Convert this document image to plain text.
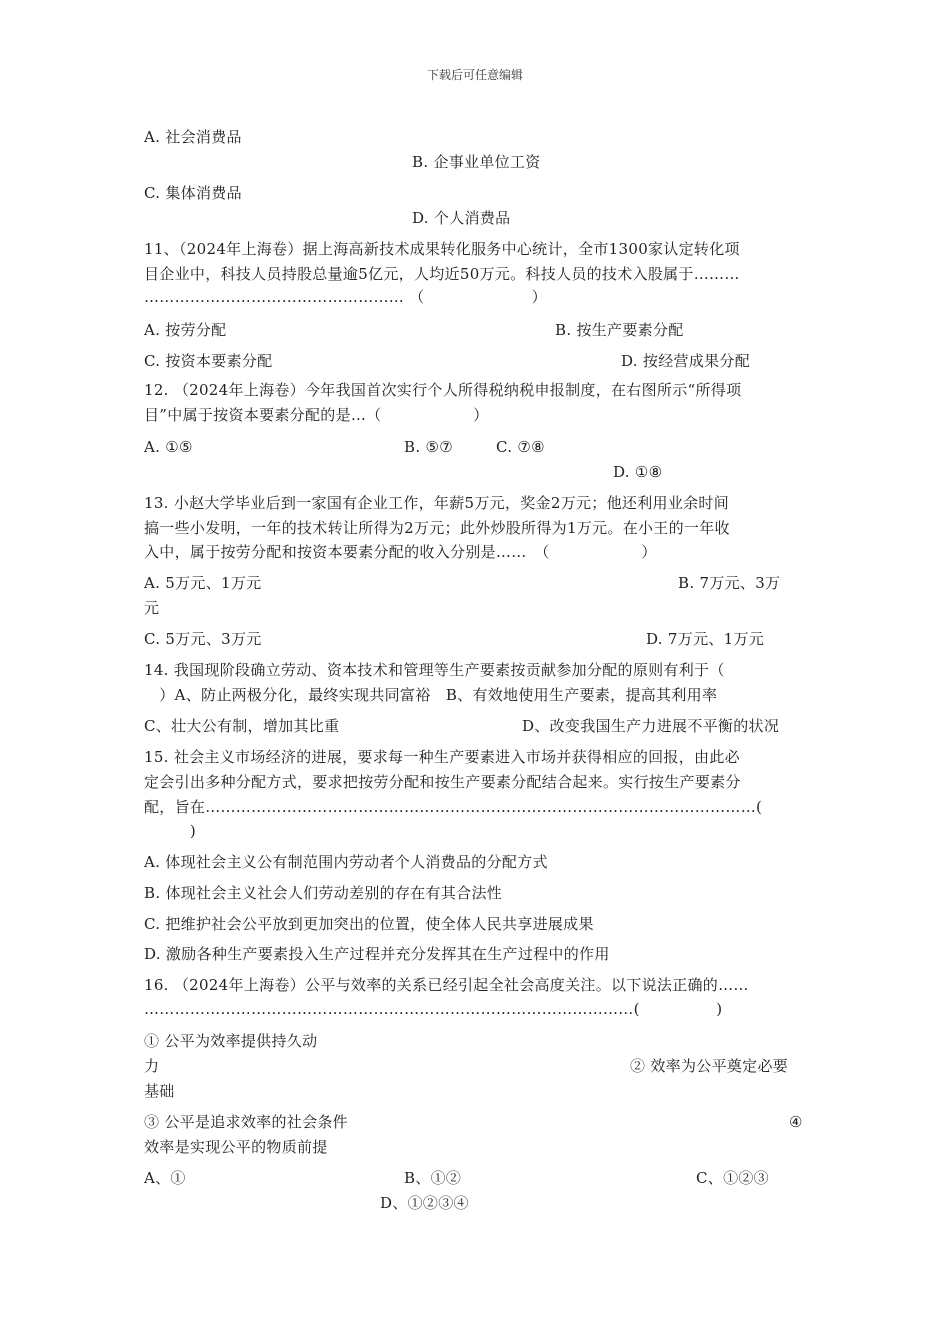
下载后可任意编辑
A. 社会消费品
B. 企事业单位工资
C. 集体消费品
D. 个人消费品
11、（2024年上海卷）据上海高新技术成果转化服务中心统计，全市1300家认定转化项
目企业中，科技人员持股总量逾5亿元，人均近50万元。科技人员的技术入股属于………
…………………………………………… （　　　　　　　）
A. 按劳分配	B. 按生产要素分配
C. 按资本要素分配	D. 按经营成果分配
12. （2024年上海卷）今年我国首次实行个人所得税纳税申报制度，在右图所示“所得项
目”中属于按资本要素分配的是…（　　　　　　）
A. ①⑤	B. ⑤⑦	C. ⑦⑧
D. ①⑧
13. 小赵大学毕业后到一家国有企业工作，年薪5万元，奖金2万元；他还利用业余时间
搞一些小发明，一年的技术转让所得为2万元；此外炒股所得为1万元。在小王的一年收
入中，属于按劳分配和按资本要素分配的收入分别是……　（　　　　　　）
A. 5万元、1万元	B. 7万元、3万
元
C. 5万元、3万元	D. 7万元、1万元
14. 我国现阶段确立劳动、资本技术和管理等生产要素按贡献参加分配的原则有利于（
　）A、防止两极分化，最终实现共同富裕　B、有效地使用生产要素，提高其利用率
C、壮大公有制，增加其比重	D、改变我国生产力进展不平衡的状况
15. 社会主义市场经济的进展，要求每一种生产要素进入市场并获得相应的回报，由此必
定会引出多种分配方式，要求把按劳分配和按生产要素分配结合起来。实行按生产要素分
配，旨在………………………………………………………………………………………………(
　　　)
A. 体现社会主义公有制范围内劳动者个人消费品的分配方式
B. 体现社会主义社会人们劳动差别的存在有其合法性
C. 把维护社会公平放到更加突出的位置，使全体人民共享进展成果
D. 激励各种生产要素投入生产过程并充分发挥其在生产过程中的作用
16. （2024年上海卷）公平与效率的关系已经引起全社会高度关注。以下说法正确的……
……………………………………………………………………………………(　　　　　)
① 公平为效率提供持久动
力	② 效率为公平奠定必要
基础
③ 公平是追求效率的社会条件	④
效率是实现公平的物质前提
A、①	B、①②	C、①②③
D、①②③④
